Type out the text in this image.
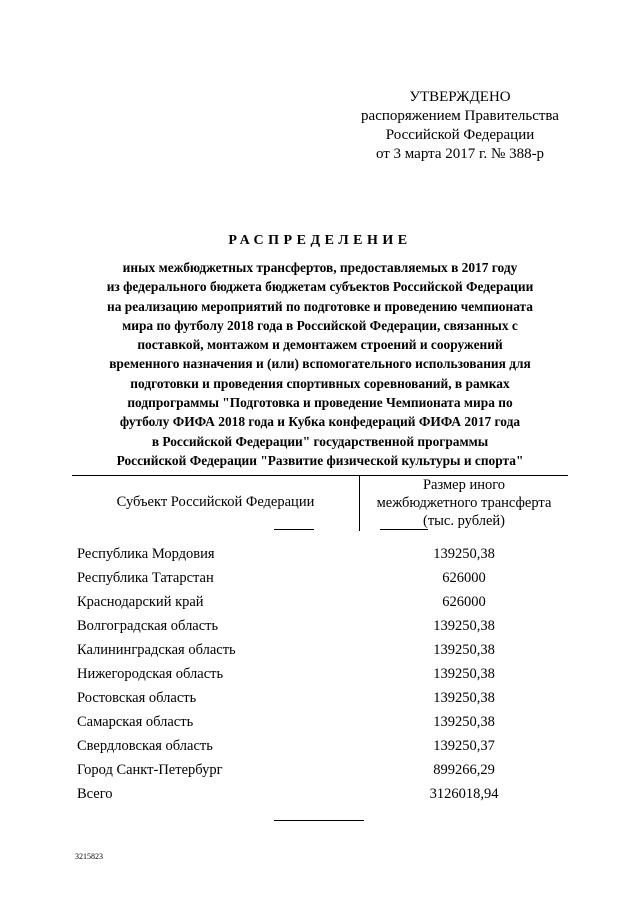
УТВЕРЖДЕНО
распоряжением Правительства
Российской Федерации
от 3 марта 2017 г. № 388-р
РАСПРЕДЕЛЕНИЕ
иных межбюджетных трансфертов, предоставляемых в 2017 году
из федерального бюджета бюджетам субъектов Российской Федерации
на реализацию мероприятий по подготовке и проведению чемпионата
мира по футболу 2018 года в Российской Федерации, связанных с
поставкой, монтажом и демонтажем строений и сооружений
временного назначения и (или) вспомогательного использования для
подготовки и проведения спортивных соревнований, в рамках
подпрограммы "Подготовка и проведение Чемпионата мира по
футболу ФИФА 2018 года и Кубка конфедераций ФИФА 2017 года
в Российской Федерации" государственной программы
Российской Федерации "Развитие физической культуры и спорта"
Субъект Российской Федерации
Размер иного
межбюджетного трансферта
(тыс. рублей)
Республика Мордовия	139250,38
Республика Татарстан	626000
Краснодарский край	626000
Волгоградская область	139250,38
Калининградская область	139250,38
Нижегородская область	139250,38
Ростовская область	139250,38
Самарская область	139250,38
Свердловская область	139250,37
Город Санкт-Петербург	899266,29
Всего	3126018,94
3215823
